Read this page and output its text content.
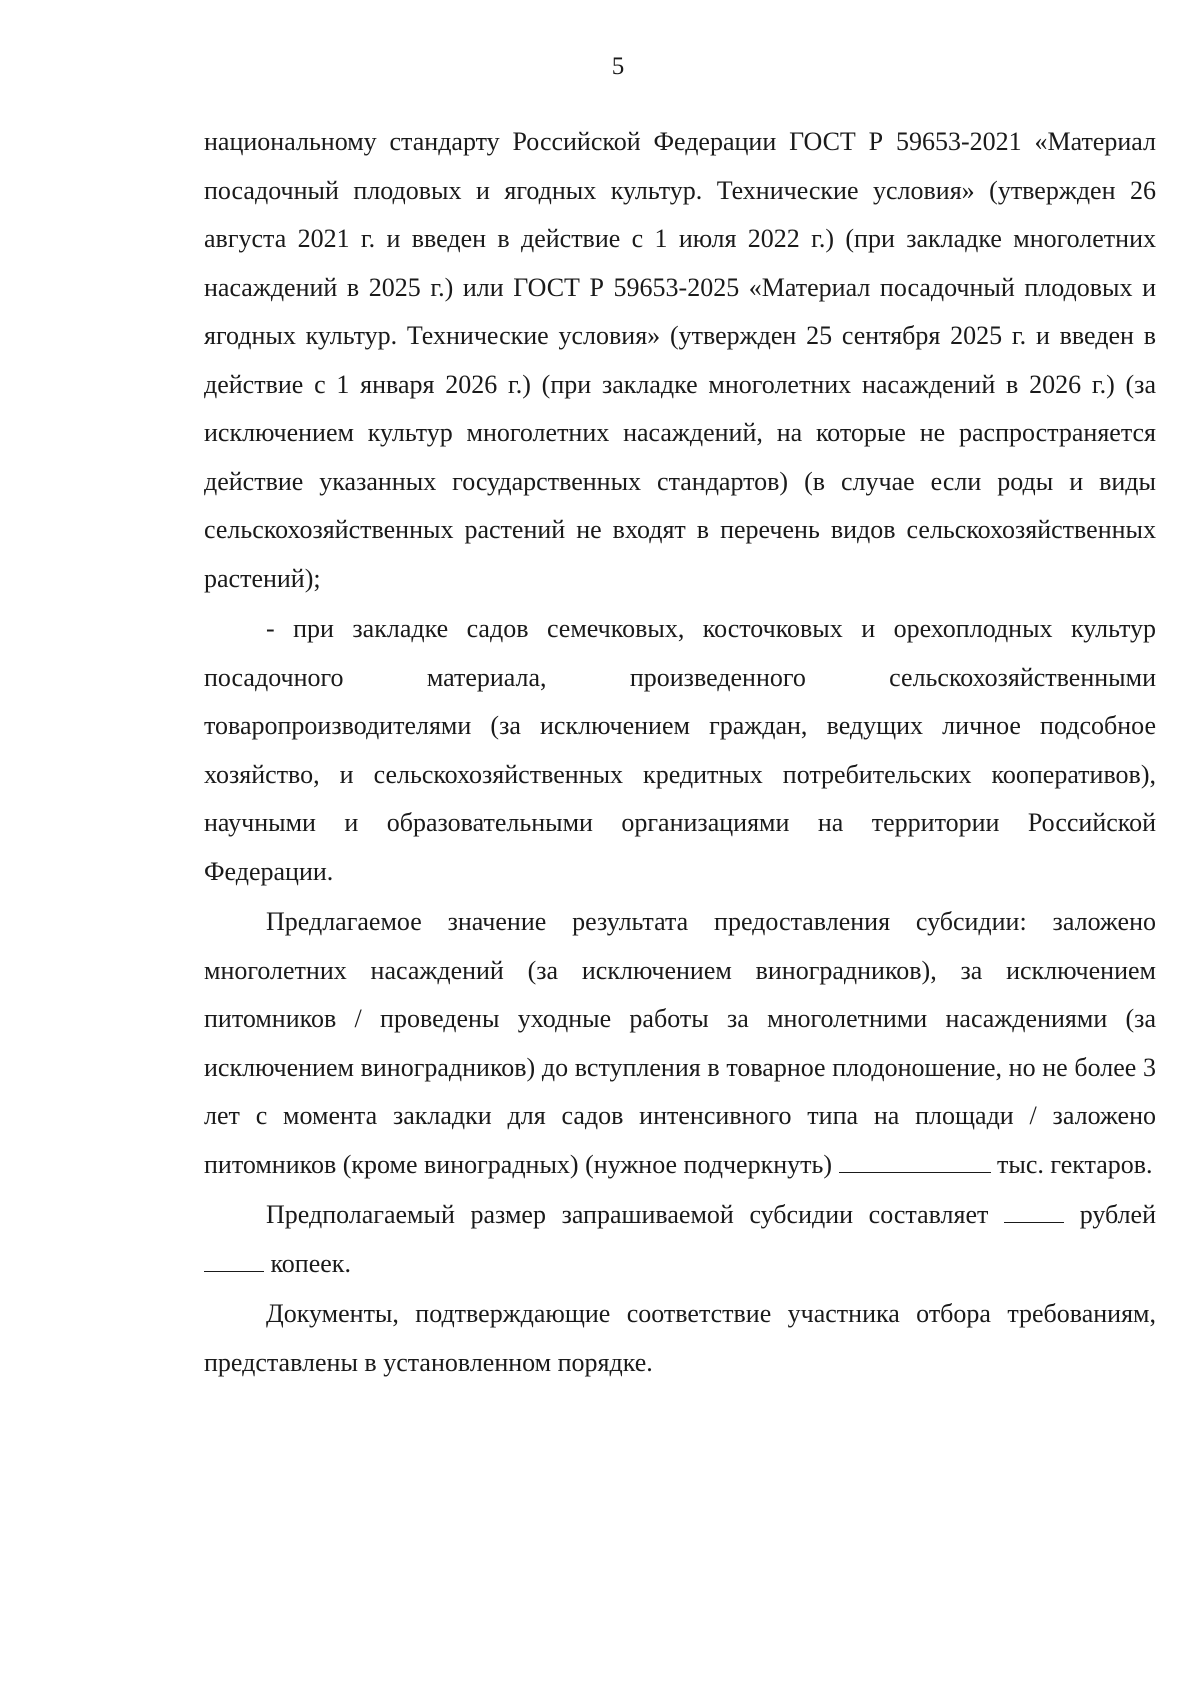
5

национальному стандарту Российской Федерации ГОСТ Р 59653-2021 «Материал посадочный плодовых и ягодных культур. Технические условия» (утвержден 26 августа 2021 г. и введен в действие с 1 июля 2022 г.) (при закладке многолетних насаждений в 2025 г.) или ГОСТ Р 59653-2025 «Материал посадочный плодовых и ягодных культур. Технические условия» (утвержден 25 сентября 2025 г. и введен в действие с 1 января 2026 г.) (при закладке многолетних насаждений в 2026 г.) (за исключением культур многолетних насаждений, на которые не распространяется действие указанных государственных стандартов) (в случае если роды и виды сельскохозяйственных растений не входят в перечень видов сельскохозяйственных растений);

- при закладке садов семечковых, косточковых и орехоплодных культур посадочного материала, произведенного сельскохозяйственными товаропроизводителями (за исключением граждан, ведущих личное подсобное хозяйство, и сельскохозяйственных кредитных потребительских кооперативов), научными и образовательными организациями на территории Российской Федерации.

Предлагаемое значение результата предоставления субсидии: заложено многолетних насаждений (за исключением виноградников), за исключением питомников / проведены уходные работы за многолетними насаждениями (за исключением виноградников) до вступления в товарное плодоношение, но не более 3 лет с момента закладки для садов интенсивного типа на площади / заложено питомников (кроме виноградных) (нужное подчеркнуть)	тыс. гектаров.

Предполагаемый размер запрашиваемой субсидии составляет	рублей  копеек.

Документы, подтверждающие соответствие участника отбора требованиям, представлены в установленном порядке.
